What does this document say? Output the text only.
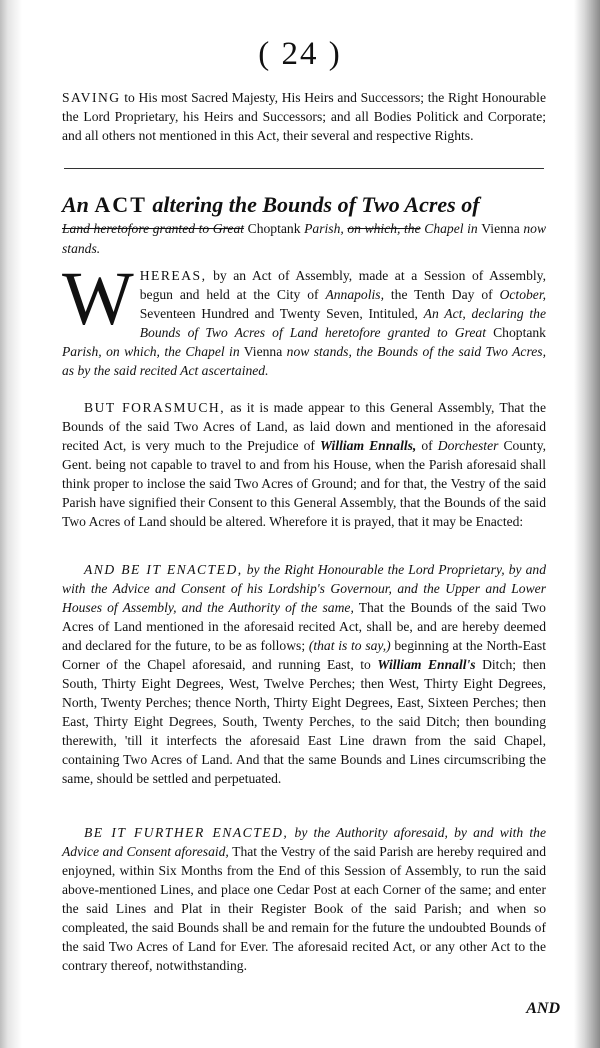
( 24 )
SAVING to His most Sacred Majesty, His Heirs and Successors; the Right Honourable the Lord Proprietary, his Heirs and Successors; and all Bodies Politick and Corporate; and all others not mentioned in this Act, their several and respective Rights.
An ACT altering the Bounds of Two Acres of
Land heretofore granted to Great Choptank Parish, on which, the Chapel in Vienna now stands.
WHEREAS, by an Act of Assembly, made at a Session of Assembly, begun and held at the City of Annapolis, the Tenth Day of October, Seventeen Hundred and Twenty Seven, Intituled, An Act, declaring the Bounds of Two Acres of Land heretofore granted to Great Choptank Parish, on which, the Chapel in Vienna now stands, the Bounds of the said Two Acres, as by the said recited Act ascertained.
BUT FORASMUCH, as it is made appear to this General Assembly, That the Bounds of the said Two Acres of Land, as laid down and mentioned in the aforesaid recited Act, is very much to the Prejudice of William Ennalls, of Dorchester County, Gent. being not capable to travel to and from his House, when the Parish aforesaid shall think proper to inclose the said Two Acres of Ground; and for that, the Vestry of the said Parish have signified their Consent to this General Assembly, that the Bounds of the said Two Acres of Land should be altered. Wherefore it is prayed, that it may be Enacted:
AND BE IT ENACTED, by the Right Honourable the Lord Proprietary, by and with the Advice and Consent of his Lordship's Governour, and the Upper and Lower Houses of Assembly, and the Authority of the same, That the Bounds of the said Two Acres of Land mentioned in the aforesaid recited Act, shall be, and are hereby deemed and declared for the future, to be as follows; (that is to say,) beginning at the North-East Corner of the Chapel aforesaid, and running East, to William Ennall's Ditch; then South, Thirty Eight Degrees, West, Twelve Perches; then West, Thirty Eight Degrees, North, Twenty Perches; thence North, Thirty Eight Degrees, East, Sixteen Perches; then East, Thirty Eight Degrees, South, Twenty Perches, to the said Ditch; then bounding therewith, 'till it interfects the aforesaid East Line drawn from the said Chapel, containing Two Acres of Land. And that the same Bounds and Lines circumscribing the same, should be settled and perpetuated.
BE IT FURTHER ENACTED, by the Authority aforesaid, by and with the Advice and Consent aforesaid, That the Vestry of the said Parish are hereby required and enjoyned, within Six Months from the End of this Session of Assembly, to run the said above-mentioned Lines, and place one Cedar Post at each Corner of the same; and enter the said Lines and Plat in their Register Book of the said Parish; and when so compleated, the said Bounds shall be and remain for the future the undoubted Bounds of the said Two Acres of Land for Ever. The aforesaid recited Act, or any other Act to the contrary thereof, notwithstanding.
AND
